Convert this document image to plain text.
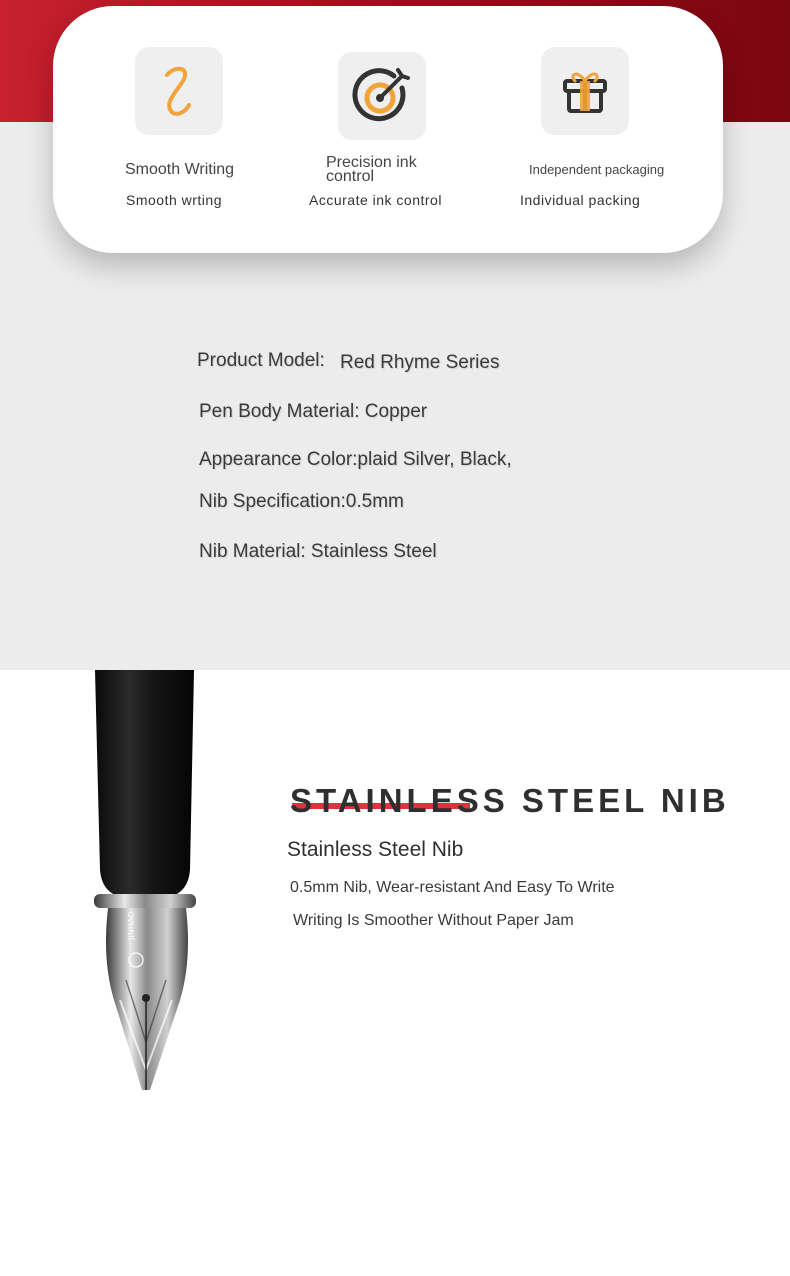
Smooth Writing
Smooth wrting
Precision ink
control
Accurate ink control
Independent packaging
Individual packing
Product Model: Red Rhyme Series
Pen Body Material: Copper
Appearance Color:plaid Silver, Black,
Nib Specification:0.5mm
Nib Material: Stainless Steel
JINHAO
STAINLESS STEEL NIB
Stainless Steel Nib
0.5mm Nib, Wear-resistant And Easy To Write
Writing Is Smoother Without Paper Jam
